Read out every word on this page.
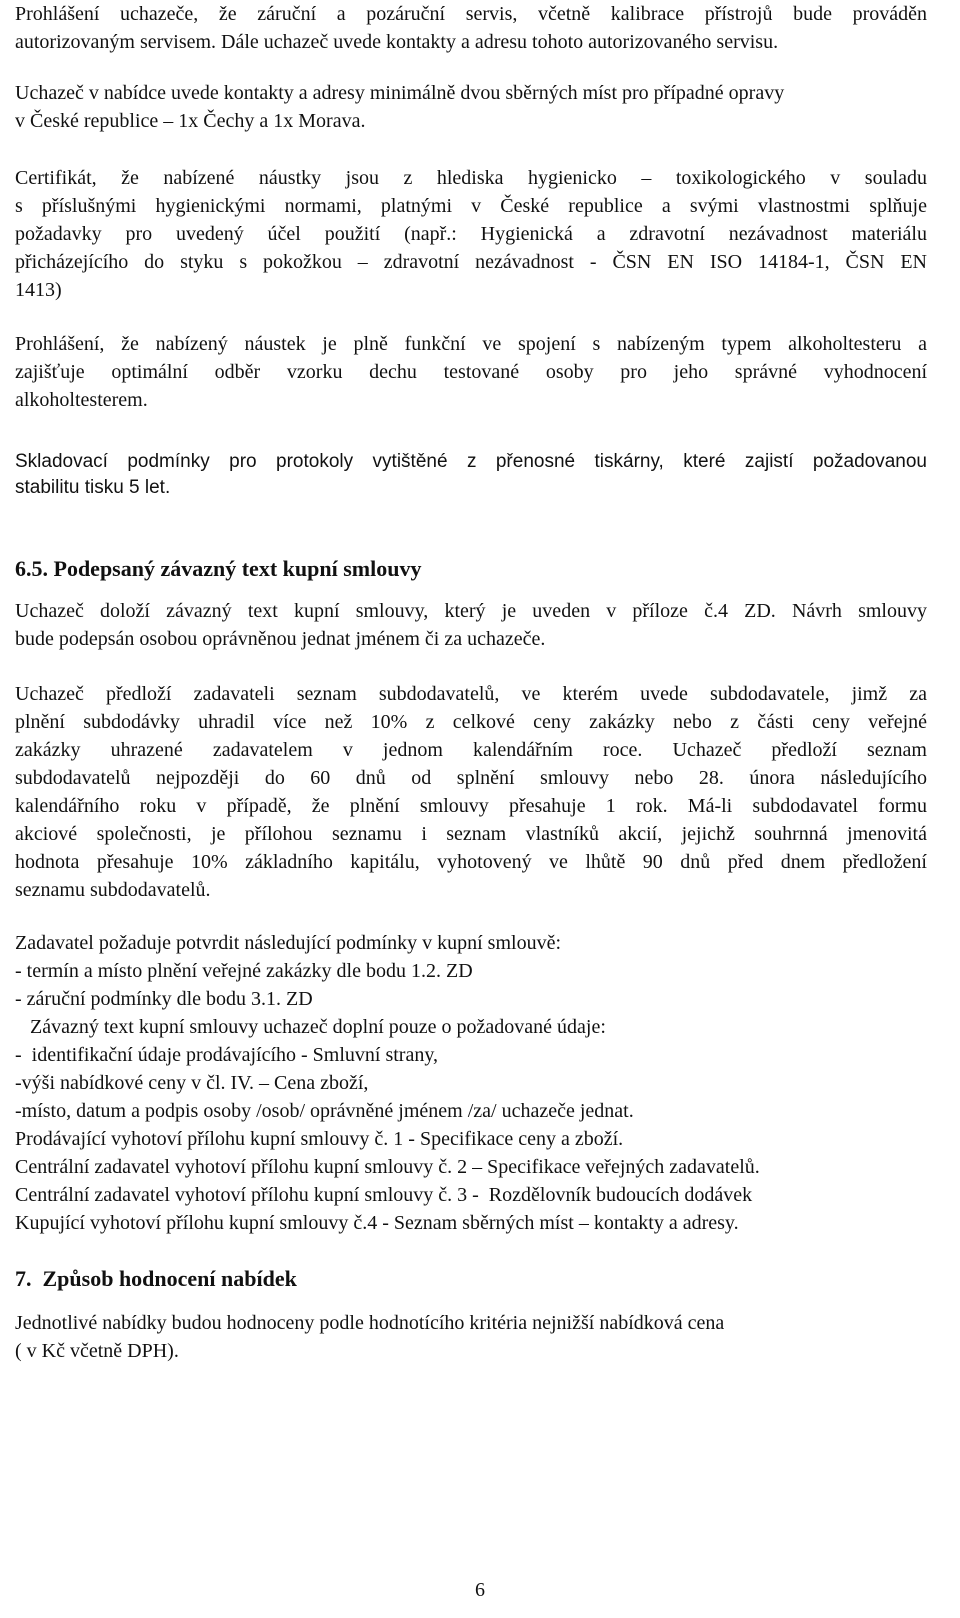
Prohlášení uchazeče, že záruční a pozáruční servis, včetně kalibrace přístrojů bude prováděn
autorizovaným servisem. Dále uchazeč uvede kontakty a adresu tohoto autorizovaného servisu.

Uchazeč v nabídce uvede kontakty a adresy minimálně dvou sběrných míst pro případné opravy
v České republice – 1x Čechy a 1x Morava.

Certifikát, že nabízené náustky jsou z hlediska hygienicko – toxikologického v souladu
s příslušnými hygienickými normami, platnými v České republice a svými vlastnostmi splňuje
požadavky pro uvedený účel použití (např.: Hygienická a zdravotní nezávadnost materiálu
přicházejícího do styku s pokožkou – zdravotní nezávadnost - ČSN EN ISO 14184-1, ČSN EN
1413)

Prohlášení, že nabízený náustek je plně funkční ve spojení s nabízeným typem alkoholtesteru a
zajišťuje optimální odběr vzorku dechu testované osoby pro jeho správné vyhodnocení
alkoholtesterem.

Skladovací podmínky pro protokoly vytištěné z přenosné tiskárny, které zajistí požadovanou
stabilitu tisku 5 let.

6.5. Podepsaný závazný text kupní smlouvy

Uchazeč doloží závazný text kupní smlouvy, který je uveden v příloze č.4 ZD. Návrh smlouvy
bude podepsán osobou oprávněnou jednat jménem či za uchazeče.

Uchazeč předloží zadavateli seznam subdodavatelů, ve kterém uvede subdodavatele, jimž za
plnění subdodávky uhradil více než 10% z celkové ceny zakázky nebo z části ceny veřejné
zakázky uhrazené zadavatelem v jednom kalendářním roce. Uchazeč předloží seznam
subdodavatelů nejpozději do 60 dnů od splnění smlouvy nebo 28. února následujícího
kalendářního roku v případě, že plnění smlouvy přesahuje 1 rok. Má-li subdodavatel formu
akciové společnosti, je přílohou seznamu i seznam vlastníků akcií, jejichž souhrnná jmenovitá
hodnota přesahuje 10% základního kapitálu, vyhotovený ve lhůtě 90 dnů před dnem předložení
seznamu subdodavatelů.

Zadavatel požaduje potvrdit následující podmínky v kupní smlouvě:
- termín a místo plnění veřejné zakázky dle bodu 1.2. ZD
- záruční podmínky dle bodu 3.1. ZD
Závazný text kupní smlouvy uchazeč doplní pouze o požadované údaje:
-  identifikační údaje prodávajícího - Smluvní strany,
-výši nabídkové ceny v čl. IV. – Cena zboží,
-místo, datum a podpis osoby /osob/ oprávněné jménem /za/ uchazeče jednat.
Prodávající vyhotoví přílohu kupní smlouvy č. 1 - Specifikace ceny a zboží.
Centrální zadavatel vyhotoví přílohu kupní smlouvy č. 2 – Specifikace veřejných zadavatelů.
Centrální zadavatel vyhotoví přílohu kupní smlouvy č. 3 -  Rozdělovník budoucích dodávek
Kupující vyhotoví přílohu kupní smlouvy č.4 - Seznam sběrných míst – kontakty a adresy.

7.  Způsob hodnocení nabídek

Jednotlivé nabídky budou hodnoceny podle hodnotícího kritéria nejnižší nabídková cena
( v Kč včetně DPH).

6
